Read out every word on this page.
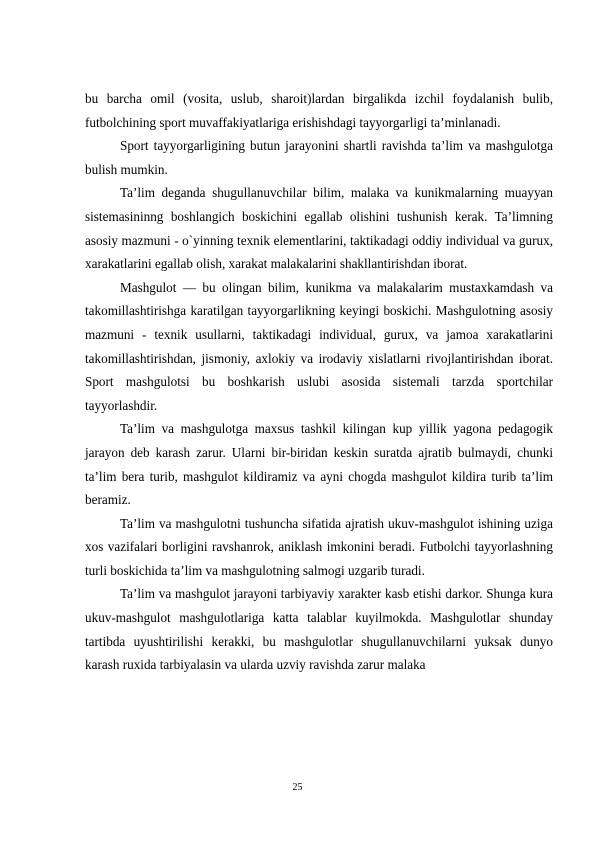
bu barcha omil (vosita, uslub, sharoit)lardan birgalikda izchil foydalanish bulib, futbolchining sport muvaffakiyatlariga erishishdagi tayyorgarligi ta’minlanadi.

Sport tayyorgarligining butun jarayonini shartli ravishda ta’lim va mashgulotga bulish mumkin.

Ta’lim deganda shugullanuvchilar bilim, malaka va kunikmalarning muayyan sistemasininng boshlangich boskichini egallab olishini tushunish kerak. Ta’limning asosiy mazmuni - o`yinning texnik elementlarini, taktikadagi oddiy individual va gurux, xarakatlarini egallab olish, xarakat malakalarini shakllantirishdan iborat.

Mashgulot — bu olingan bilim, kunikma va malakalarim mustaxkamdash va takomillashtirishga karatilgan tayyorgarlikning keyingi boskichi. Mashgulotning asosiy mazmuni - texnik usullarni, taktikadagi individual, gurux, va jamoa xarakatlarini takomillashtirishdan, jismoniy, axlokiy va irodaviy xislatlarni rivojlantirishdan iborat. Sport mashgulotsi bu boshkarish uslubi asosida sistemali tarzda sportchilar tayyorlashdir.

Ta’lim va mashgulotga maxsus tashkil kilingan kup yillik yagona pedagogik jarayon deb karash zarur. Ularni bir-biridan keskin suratda ajratib bulmaydi, chunki ta’lim bera turib, mashgulot kildiramiz va ayni chogda mashgulot kildira turib ta’lim beramiz.

Ta’lim va mashgulotni tushuncha sifatida ajratish ukuv-mashgulot ishining uziga xos vazifalari borligini ravshanrok, aniklash imkonini beradi. Futbolchi tayyorlashning turli boskichida ta’lim va mashgulotning salmogi uzgarib turadi.

Ta’lim va mashgulot jarayoni tarbiyaviy xarakter kasb etishi darkor. Shunga kura ukuv-mashgulot mashgulotlariga katta talablar kuyilmokda. Mashgulotlar shunday tartibda uyushtirilishi kerakki, bu mashgulotlar shugullanuvchilarni yuksak dunyo karash ruxida tarbiyalasin va ularda uzviy ravishda zarur malaka

25
